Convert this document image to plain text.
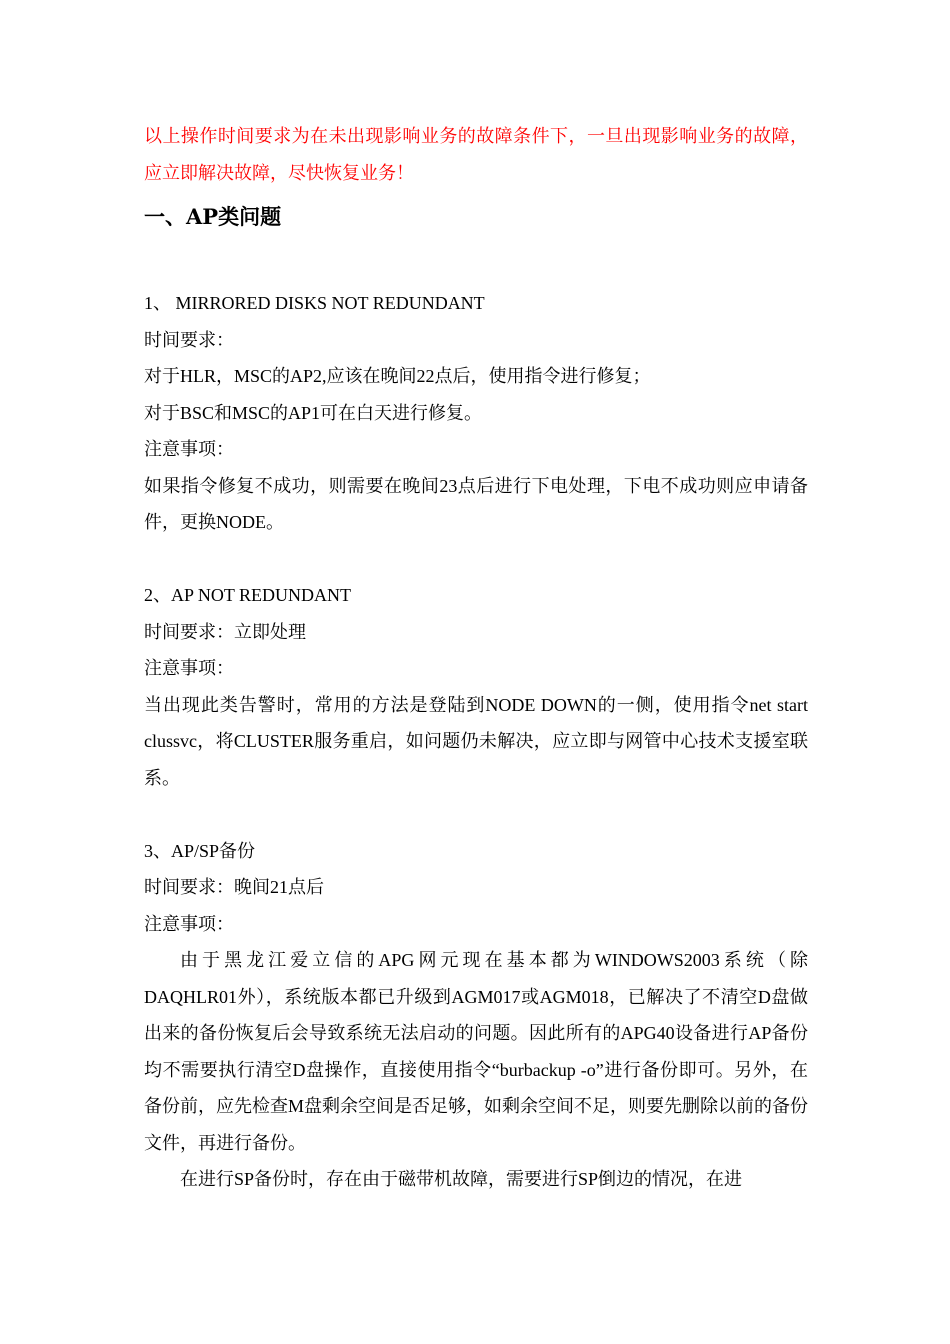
以上操作时间要求为在未出现影响业务的故障条件下，一旦出现影响业务的故障，应立即解决故障，尽快恢复业务！

一、AP类问题

1、 MIRRORED DISKS NOT REDUNDANT

时间要求：

对于HLR，MSC的AP2,应该在晚间22点后，使用指令进行修复；

对于BSC和MSC的AP1可在白天进行修复。

注意事项：

如果指令修复不成功，则需要在晚间23点后进行下电处理，下电不成功则应申请备件，更换NODE。

2、AP NOT REDUNDANT

时间要求：立即处理

注意事项：

当出现此类告警时，常用的方法是登陆到NODE DOWN的一侧，使用指令net start clussvc，将CLUSTER服务重启，如问题仍未解决，应立即与网管中心技术支援室联系。

3、AP/SP备份

时间要求：晚间21点后

注意事项：

由于黑龙江爱立信的APG网元现在基本都为WINDOWS2003系统（除DAQHLR01外），系统版本都已升级到AGM017或AGM018，已解决了不清空D盘做出来的备份恢复后会导致系统无法启动的问题。因此所有的APG40设备进行AP备份均不需要执行清空D盘操作，直接使用指令“burbackup -o”进行备份即可。另外，在备份前，应先检查M盘剩余空间是否足够，如剩余空间不足，则要先删除以前的备份文件，再进行备份。

在进行SP备份时，存在由于磁带机故障，需要进行SP倒边的情况，在进
